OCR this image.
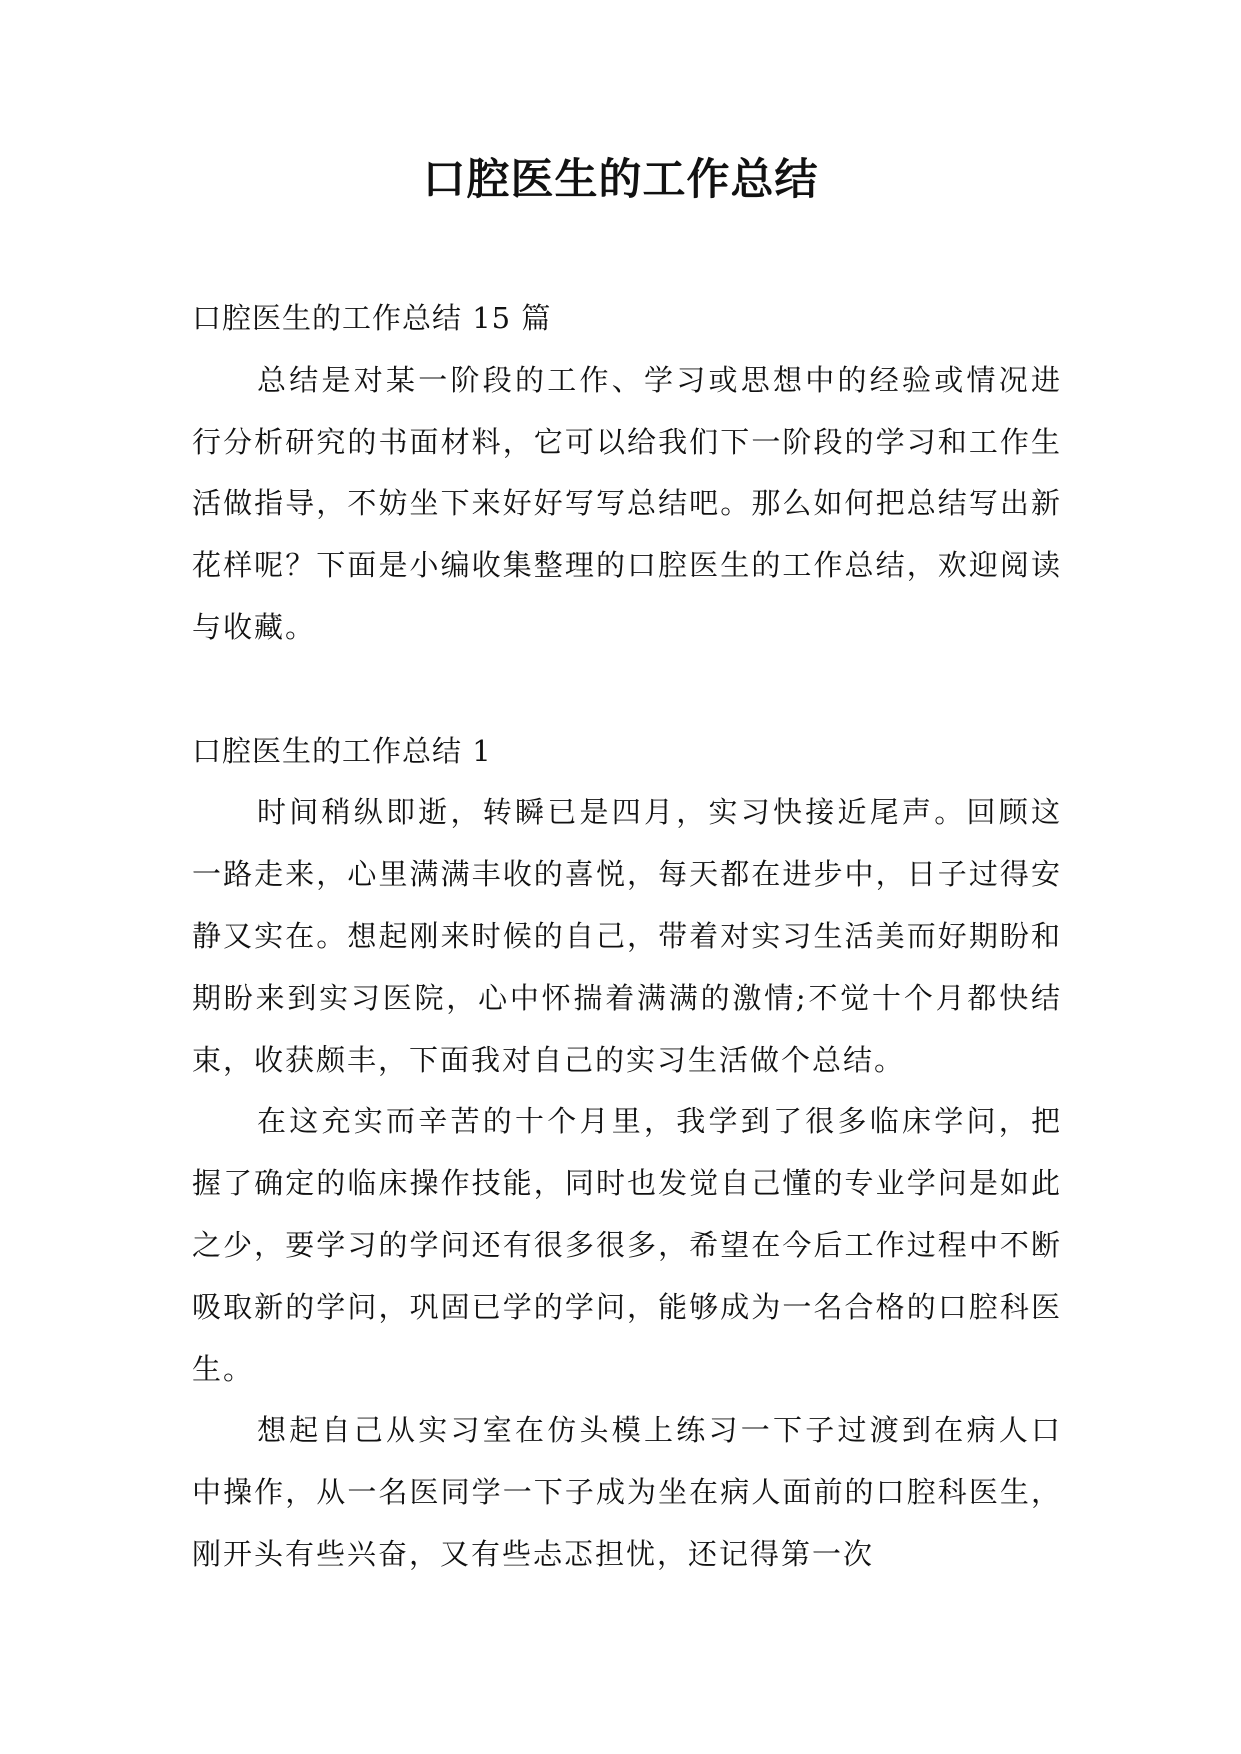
口腔医生的工作总结

口腔医生的工作总结 15 篇

总结是对某一阶段的工作、学习或思想中的经验或情况进行分析研究的书面材料，它可以给我们下一阶段的学习和工作生活做指导，不妨坐下来好好写写总结吧。那么如何把总结写出新花样呢？下面是小编收集整理的口腔医生的工作总结，欢迎阅读与收藏。

口腔医生的工作总结 1

时间稍纵即逝，转瞬已是四月，实习快接近尾声。回顾这一路走来，心里满满丰收的喜悦，每天都在进步中，日子过得安静又实在。想起刚来时候的自己，带着对实习生活美而好期盼和期盼来到实习医院，心中怀揣着满满的激情;不觉十个月都快结束，收获颇丰，下面我对自己的实习生活做个总结。

在这充实而辛苦的十个月里，我学到了很多临床学问，把握了确定的临床操作技能，同时也发觉自己懂的专业学问是如此之少，要学习的学问还有很多很多，希望在今后工作过程中不断吸取新的学问，巩固已学的学问，能够成为一名合格的口腔科医生。

想起自己从实习室在仿头模上练习一下子过渡到在病人口中操作，从一名医同学一下子成为坐在病人面前的口腔科医生，刚开头有些兴奋，又有些忐忑担忧，还记得第一次
